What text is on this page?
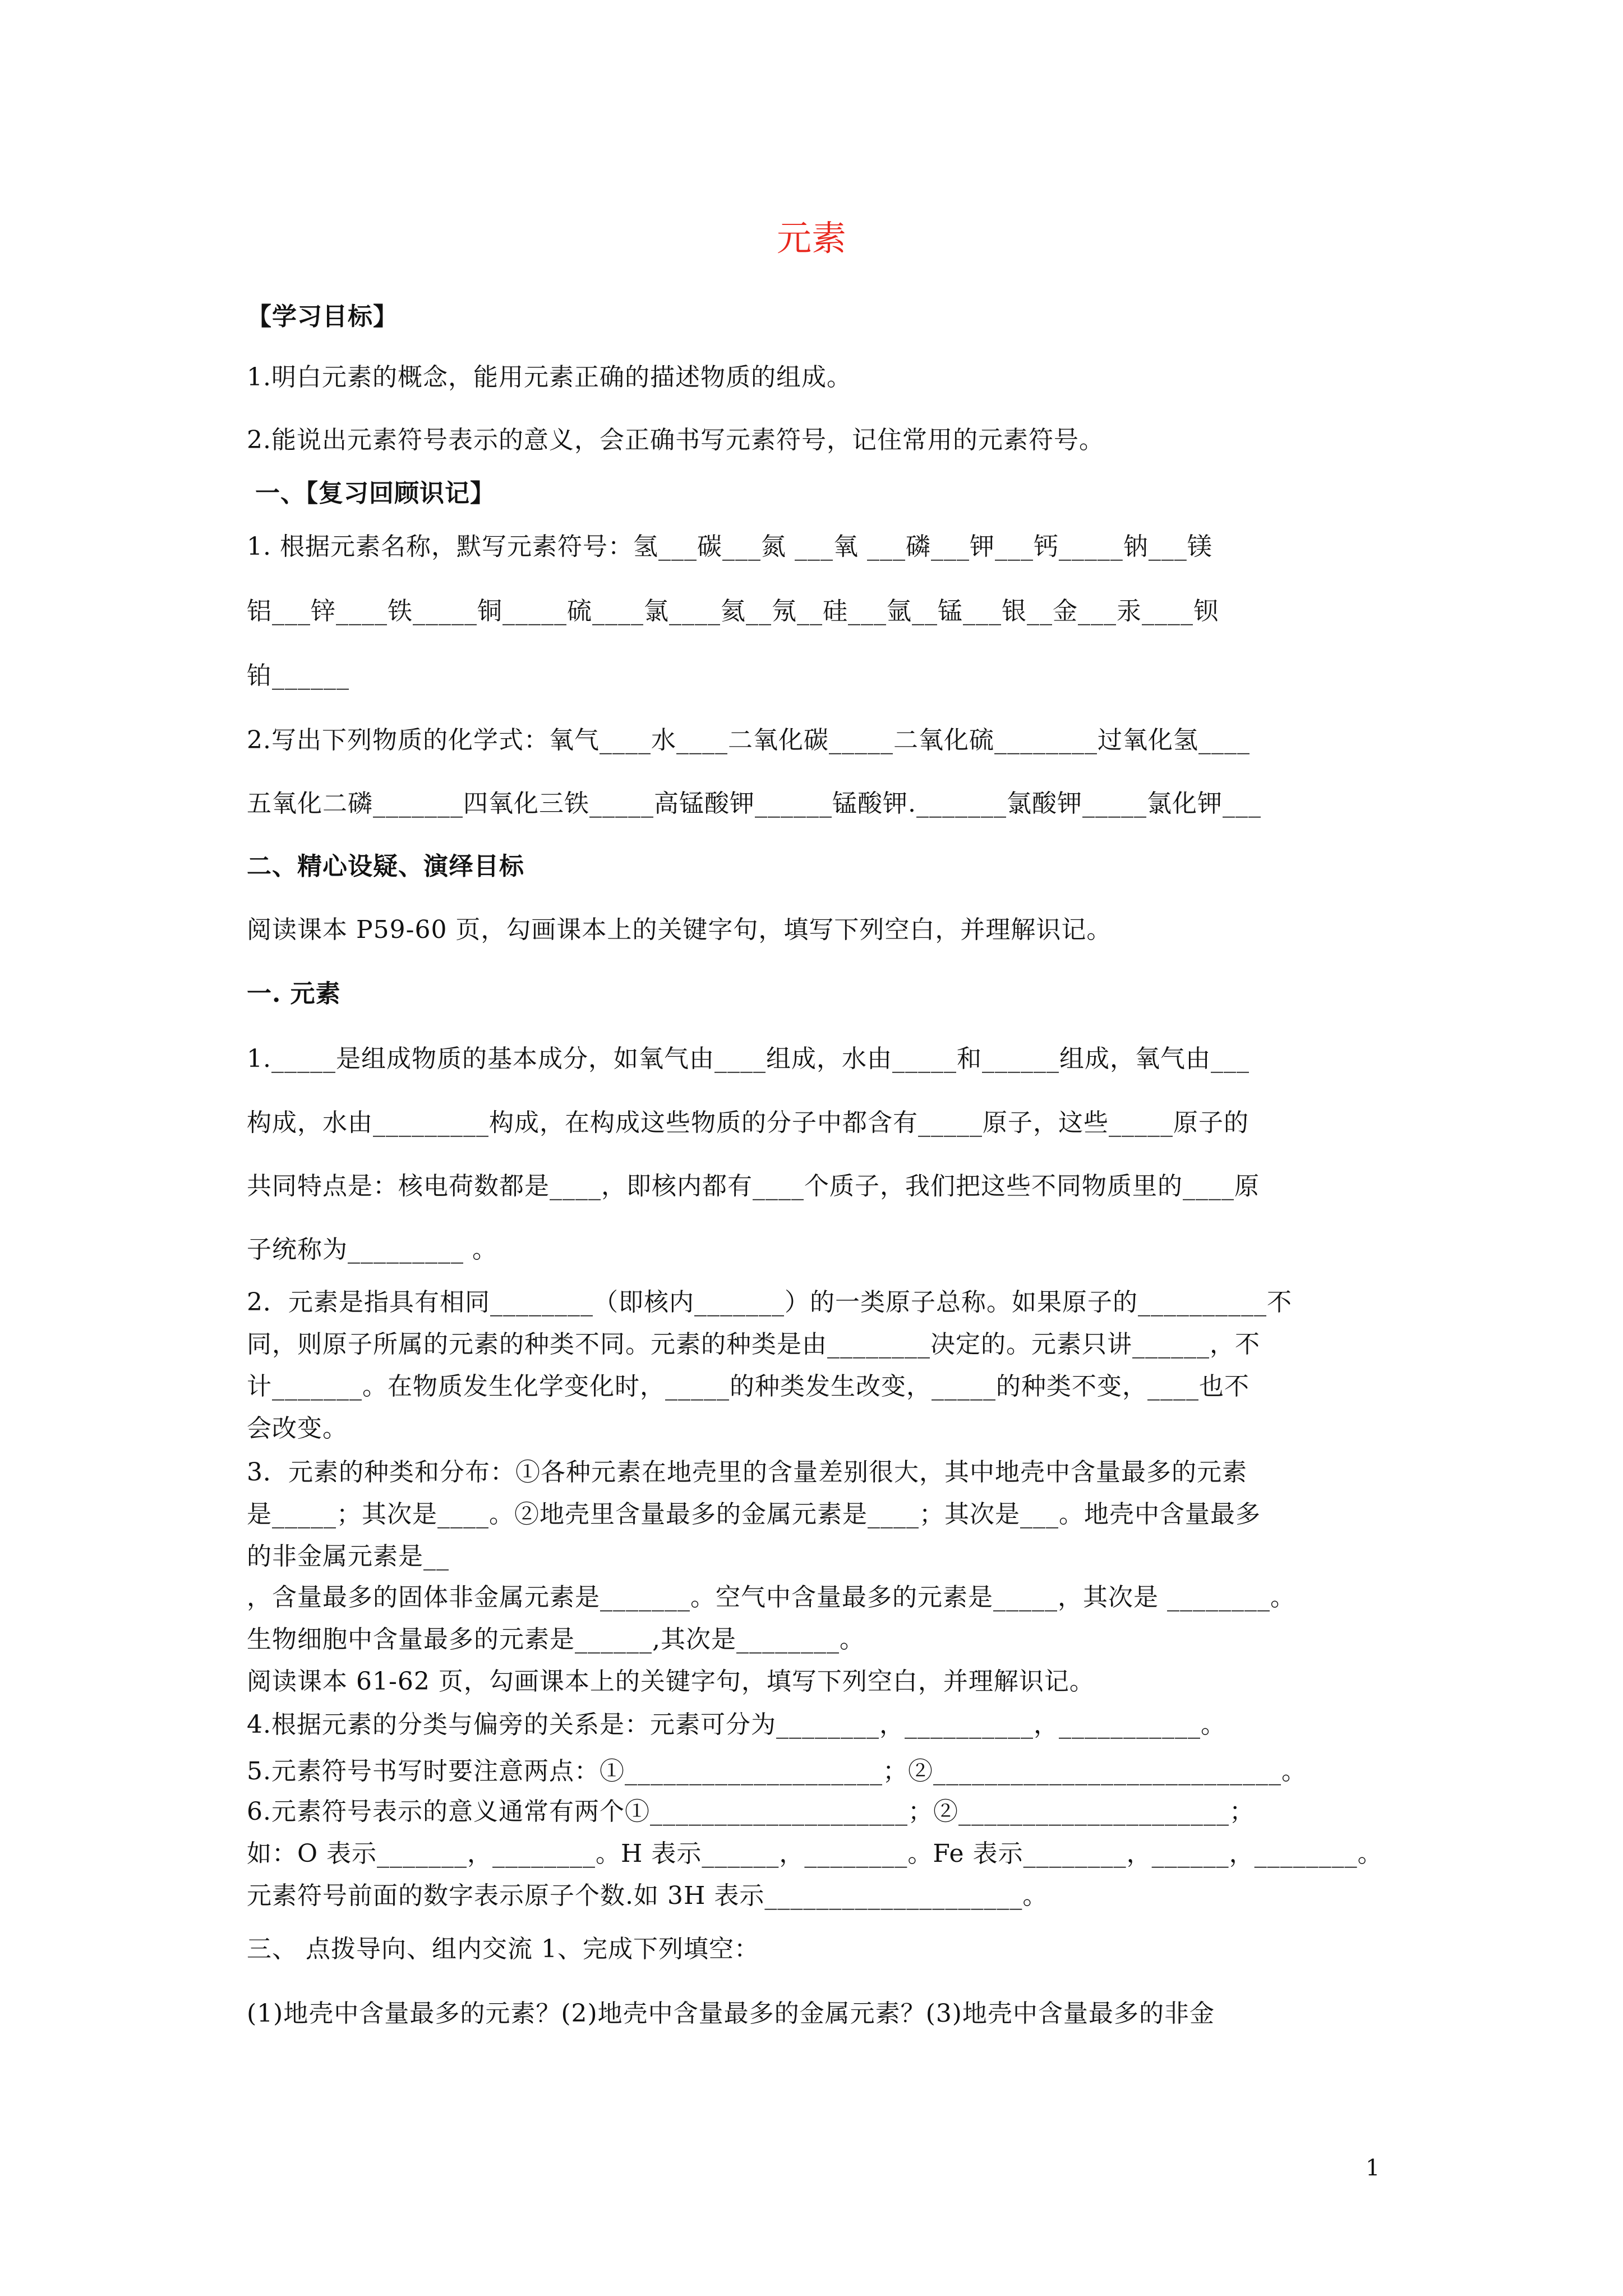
元素
【学习目标】
1.明白元素的概念，能用元素正确的描述物质的组成。
2.能说出元素符号表示的意义，会正确书写元素符号，记住常用的元素符号。
一、【复习回顾识记】
1. 根据元素名称，默写元素符号：氢___碳___氮 ___氧 ___磷___钾___钙_____钠___镁
铝___锌____铁_____铜_____硫____氯____氦__氖__硅___氩__锰___银__金___汞____钡
铂______
2.写出下列物质的化学式：氧气____水____二氧化碳_____二氧化硫________过氧化氢____
五氧化二磷_______四氧化三铁_____高锰酸钾______锰酸钾._______氯酸钾_____氯化钾___
二、精心设疑、演绎目标
阅读课本 P59-60 页，勾画课本上的关键字句，填写下列空白，并理解识记。
一. 元素
1._____是组成物质的基本成分，如氧气由____组成，水由_____和______组成，氧气由___
构成，水由_________构成，在构成这些物质的分子中都含有_____原子，这些_____原子的
共同特点是：核电荷数都是____，即核内都有____个质子，我们把这些不同物质里的____原
子统称为_________ 。
2．元素是指具有相同________（即核内_______）的一类原子总称。如果原子的__________不
同，则原子所属的元素的种类不同。元素的种类是由________决定的。元素只讲______，不
计_______。在物质发生化学变化时，_____的种类发生改变，_____的种类不变，____也不
会改变。
3．元素的种类和分布：①各种元素在地壳里的含量差别很大，其中地壳中含量最多的元素
是_____；其次是____。②地壳里含量最多的金属元素是____；其次是___。地壳中含量最多
的非金属元素是__
，含量最多的固体非金属元素是_______。空气中含量最多的元素是_____，其次是 ________。
生物细胞中含量最多的元素是______,其次是________。
阅读课本 61-62 页，勾画课本上的关键字句，填写下列空白，并理解识记。
4.根据元素的分类与偏旁的关系是：元素可分为________，__________，___________。
5.元素符号书写时要注意两点：①____________________；②___________________________。
6.元素符号表示的意义通常有两个①____________________；②_____________________；
如：O 表示_______，________。H 表示______，________。Fe 表示________，______，________。
元素符号前面的数字表示原子个数.如 3H 表示____________________。
三、 点拨导向、组内交流 1、完成下列填空：
(1)地壳中含量最多的元素？(2)地壳中含量最多的金属元素？(3)地壳中含量最多的非金
1
